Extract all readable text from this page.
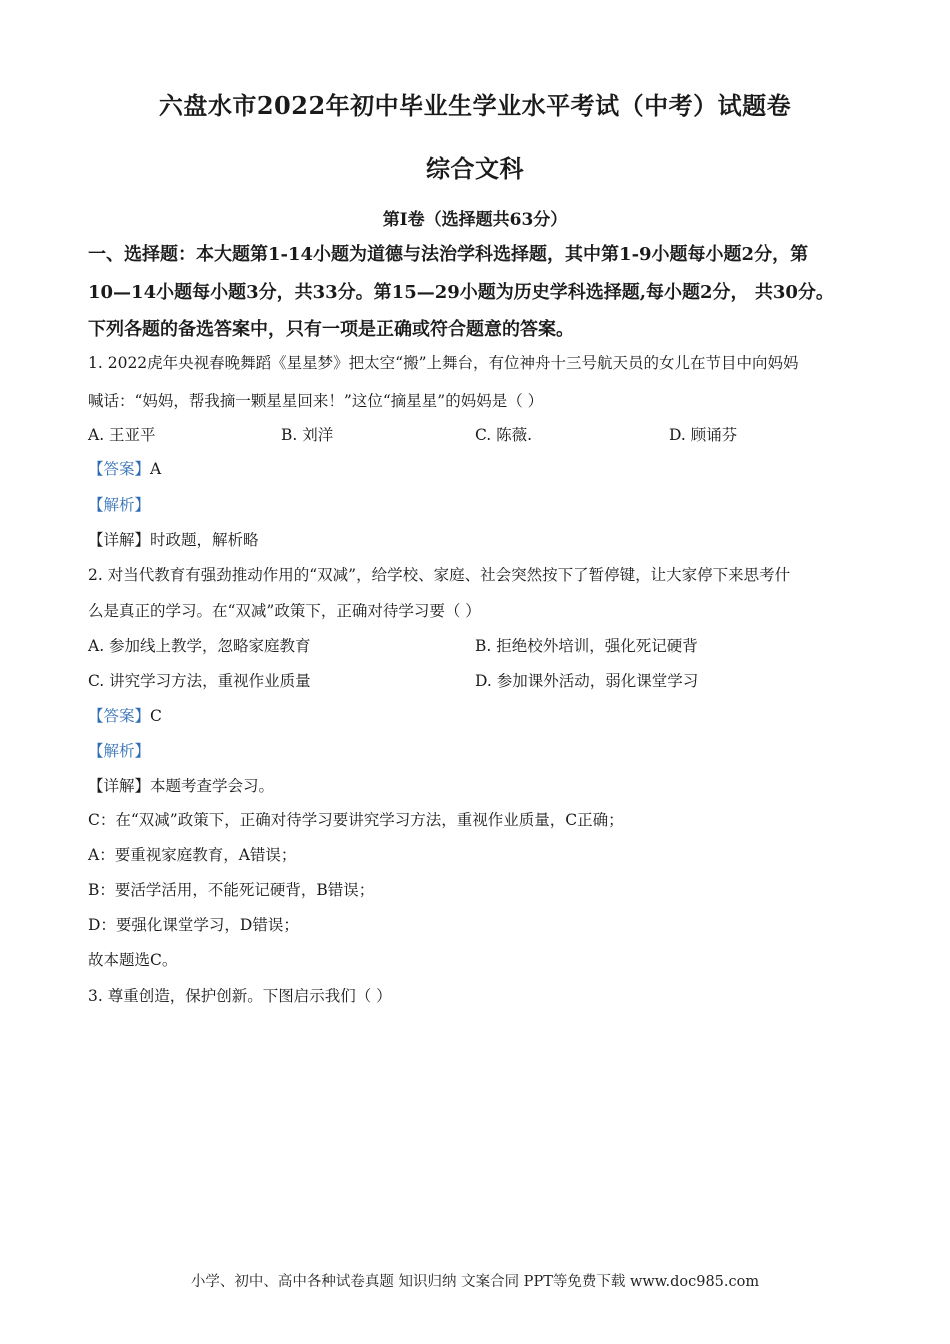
六盘水市2022年初中毕业生学业水平考试（中考）试题卷
综合文科
第Ⅰ卷（选择题共63分）
一、选择题：本大题第1-14小题为道德与法治学科选择题，其中第1-9小题每小题2分，第
10—14小题每小题3分，共33分。第15—29小题为历史学科选择题,每小题2分， 共30分。
下列各题的备选答案中，只有一项是正确或符合题意的答案。
1. 2022虎年央视春晚舞蹈《星星梦》把太空“搬”上舞台，有位神舟十三号航天员的女儿在节目中向妈妈
喊话：“妈妈，帮我摘一颗星星回来！”这位“摘星星”的妈妈是（ ）
A. 王亚平	B. 刘洋	C. 陈薇.	D. 顾诵芬
【答案】A
【解析】
【详解】时政题，解析略
2. 对当代教育有强劲推动作用的“双减”，给学校、家庭、社会突然按下了暂停键，让大家停下来思考什
么是真正的学习。在“双减”政策下，正确对待学习要（ ）
A. 参加线上教学，忽略家庭教育	B. 拒绝校外培训，强化死记硬背
C. 讲究学习方法，重视作业质量	D. 参加课外活动，弱化课堂学习
【答案】C
【解析】
【详解】本题考查学会习。
C：在“双减”政策下，正确对待学习要讲究学习方法，重视作业质量，C正确；
A：要重视家庭教育，A错误；
B：要活学活用，不能死记硬背，B错误；
D：要强化课堂学习，D错误；
故本题选C。
3. 尊重创造，保护创新。下图启示我们（ ）
小学、初中、高中各种试卷真题 知识归纳 文案合同 PPT等免费下载 www.doc985.com
